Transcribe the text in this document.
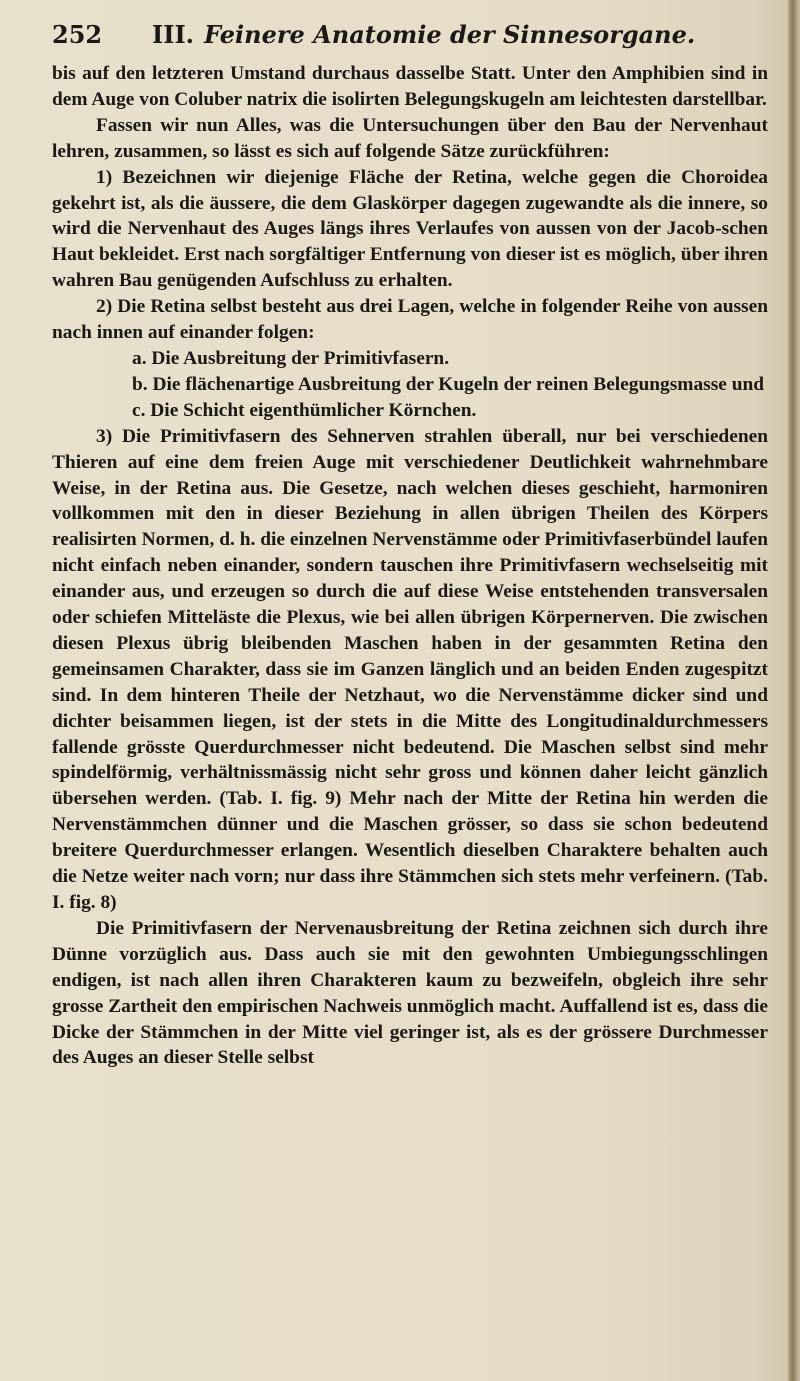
252	III. Feinere Anatomie der Sinnesorgane.

bis auf den letzteren Umstand durchaus dasselbe Statt. Unter den Amphibien sind in dem Auge von Coluber natrix die isolirten Belegungskugeln am leichtesten darstellbar.

Fassen wir nun Alles, was die Untersuchungen über den Bau der Nervenhaut lehren, zusammen, so lässt es sich auf folgende Sätze zurückführen:

1) Bezeichnen wir diejenige Fläche der Retina, welche gegen die Choroidea gekehrt ist, als die äussere, die dem Glaskörper dagegen zugewandte als die innere, so wird die Nervenhaut des Auges längs ihres Verlaufes von aussen von der Jacob-schen Haut bekleidet. Erst nach sorgfältiger Entfernung von dieser ist es möglich, über ihren wahren Bau genügenden Aufschluss zu erhalten.

2) Die Retina selbst besteht aus drei Lagen, welche in folgender Reihe von aussen nach innen auf einander folgen:

a. Die Ausbreitung der Primitivfasern.

b. Die flächenartige Ausbreitung der Kugeln der reinen Belegungsmasse und

c. Die Schicht eigenthümlicher Körnchen.

3) Die Primitivfasern des Sehnerven strahlen überall, nur bei verschiedenen Thieren auf eine dem freien Auge mit verschiedener Deutlichkeit wahrnehmbare Weise, in der Retina aus. Die Gesetze, nach welchen dieses geschieht, harmoniren vollkommen mit den in dieser Beziehung in allen übrigen Theilen des Körpers realisirten Normen, d. h. die einzelnen Nervenstämme oder Primitivfaserbündel laufen nicht einfach neben einander, sondern tauschen ihre Primitivfasern wechselseitig mit einander aus, und erzeugen so durch die auf diese Weise entstehenden transversalen oder schiefen Mitteläste die Plexus, wie bei allen übrigen Körpernerven. Die zwischen diesen Plexus übrig bleibenden Maschen haben in der gesammten Retina den gemeinsamen Charakter, dass sie im Ganzen länglich und an beiden Enden zugespitzt sind. In dem hinteren Theile der Netzhaut, wo die Nervenstämme dicker sind und dichter beisammen liegen, ist der stets in die Mitte des Longitudinaldurchmessers fallende grösste Querdurchmesser nicht bedeutend. Die Maschen selbst sind mehr spindelförmig, verhältnissmässig nicht sehr gross und können daher leicht gänzlich übersehen werden. (Tab. I. fig. 9) Mehr nach der Mitte der Retina hin werden die Nervenstämmchen dünner und die Maschen grösser, so dass sie schon bedeutend breitere Querdurchmesser erlangen. Wesentlich dieselben Charaktere behalten auch die Netze weiter nach vorn; nur dass ihre Stämmchen sich stets mehr verfeinern. (Tab. I. fig. 8)

Die Primitivfasern der Nervenausbreitung der Retina zeichnen sich durch ihre Dünne vorzüglich aus. Dass auch sie mit den gewohnten Umbiegungsschlingen endigen, ist nach allen ihren Charakteren kaum zu bezweifeln, obgleich ihre sehr grosse Zartheit den empirischen Nachweis unmöglich macht. Auffallend ist es, dass die Dicke der Stämmchen in der Mitte viel geringer ist, als es der grössere Durchmesser des Auges an dieser Stelle selbst
